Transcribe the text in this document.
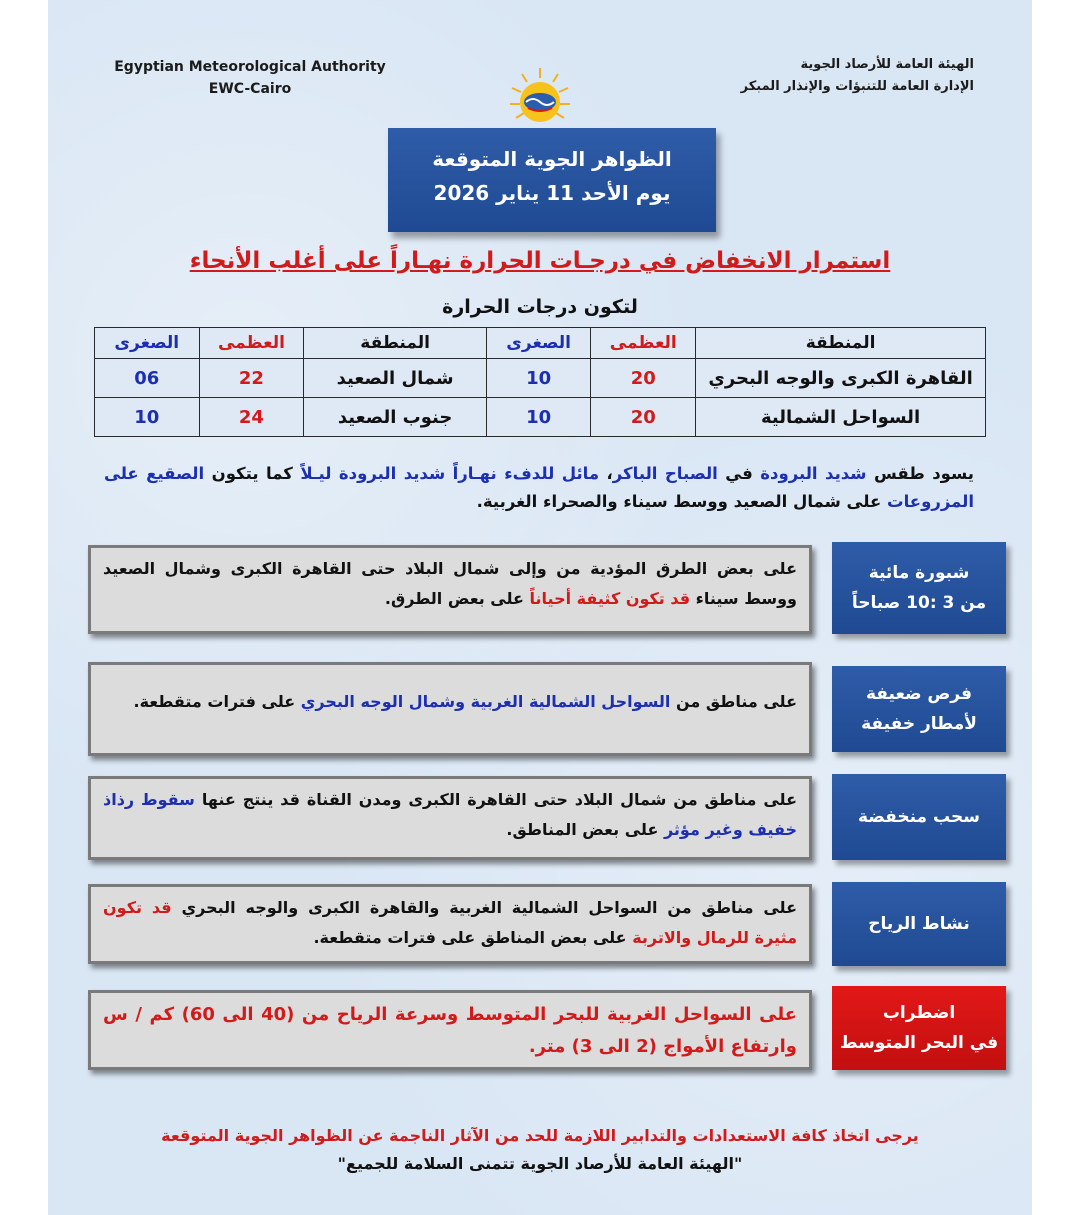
Egyptian Meteorological Authority
EWC-Cairo
الهيئة العامة للأرصاد الجوية
الإدارة العامة للتنبؤات والإنذار المبكر
الظواهر الجوية المتوقعة
يوم الأحد 11 يناير 2026
استمرار الانخفاض في درجـات الحرارة نهـاراً على أغلب الأنحاء
لتكون درجات الحرارة
المنطقة	العظمى	الصغرى	المنطقة	العظمى	الصغرى
القاهرة الكبرى والوجه البحري	20	10	شمال الصعيد	22	06
السواحل الشمالية	20	10	جنوب الصعيد	24	10
يسود طقس شديد البرودة في الصباح الباكر، مائل للدفء نهـاراً شديد البرودة ليـلاً كما يتكون الصقيع على المزروعات على شمال الصعيد ووسط سيناء والصحراء الغربية.
على بعض الطرق المؤدية من وإلى شمال البلاد حتى القاهرة الكبرى وشمال الصعيد ووسط سيناء قد تكون كثيفة أحياناً على بعض الطرق.
شبورة مائية
من 3 :10 صباحاً
على مناطق من السواحل الشمالية الغربية وشمال الوجه البحري على فترات متقطعة.	فرص ضعيفة
لأمطار خفيفة
على مناطق من شمال البلاد حتى القاهرة الكبرى ومدن القناة قد ينتج عنها سقوط رذاذ خفيف وغير مؤثر على بعض المناطق.
سحب منخفضة
على مناطق من السواحل الشمالية الغربية والقاهرة الكبرى والوجه البحري قد تكون مثيرة للرمال والاتربة على بعض المناطق على فترات متقطعة.
نشاط الرياح
على السواحل الغربية للبحر المتوسط وسرعة الرياح من (40 الى 60) كم / س وارتفاع الأمواج (2 الى 3) متر.
اضطراب
في البحر المتوسط
يرجى اتخاذ كافة الاستعدادات والتدابير اللازمة للحد من الآثار الناجمة عن الظواهر الجوية المتوقعة
"الهيئة العامة للأرصاد الجوية تتمنى السلامة للجميع"
